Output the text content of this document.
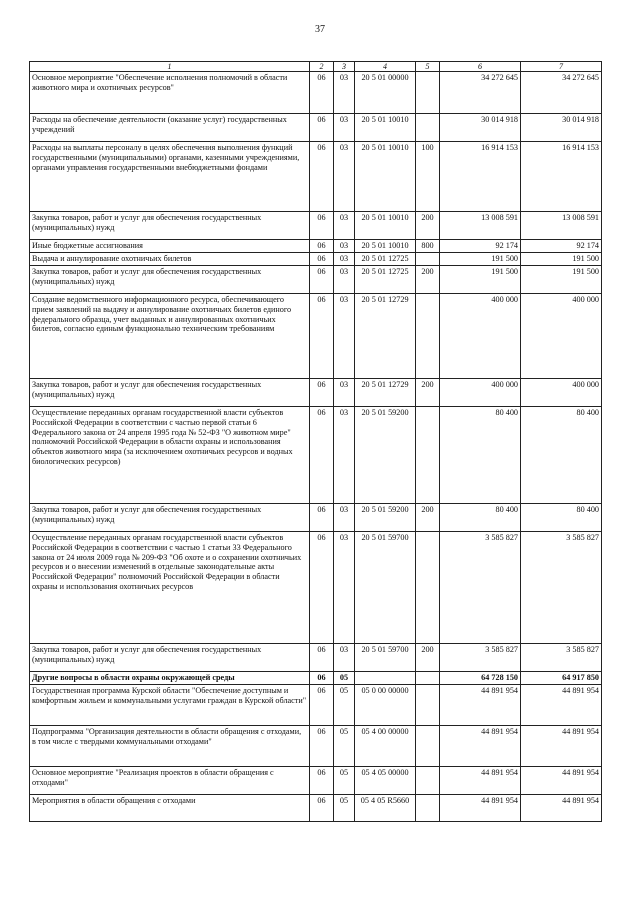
37
1	2	3	4	5	6	7
Основное мероприятие "Обеспечение исполнения полномочий в области животного мира и охотничьих ресурсов"	06	03	20 5 01 00000		34 272 645	34 272 645
Расходы на обеспечение деятельности (оказание услуг) государственных учреждений	06	03	20 5 01 10010		30 014 918	30 014 918
Расходы на выплаты персоналу в целях обеспечения выполнения функций государственными (муниципальными) органами, казенными учреждениями, органами управления государственными внебюджетными фондами	06	03	20 5 01 10010	100	16 914 153	16 914 153
Закупка товаров, работ и услуг для обеспечения государственных (муниципальных) нужд	06	03	20 5 01 10010	200	13 008 591	13 008 591
Иные бюджетные ассигнования	06	03	20 5 01 10010	800	92 174	92 174
Выдача и аннулирование охотничьих билетов	06	03	20 5 01 12725		191 500	191 500
Закупка товаров, работ и услуг для обеспечения государственных (муниципальных) нужд	06	03	20 5 01 12725	200	191 500	191 500
Создание ведомственного информационного ресурса, обеспечивающего прием заявлений на выдачу и аннулирование охотничьих билетов единого федерального образца, учет выданных и аннулированных охотничьих билетов, согласно единым функционально техническим требованиям	06	03	20 5 01 12729		400 000	400 000
Закупка товаров, работ и услуг для обеспечения государственных (муниципальных) нужд	06	03	20 5 01 12729	200	400 000	400 000
Осуществление переданных органам государственной власти субъектов Российской Федерации в соответствии с частью первой статьи 6 Федерального закона от 24 апреля 1995 года № 52-ФЗ "О животном мире" полномочий Российской Федерации в области охраны и использования объектов животного мира (за исключением охотничьих ресурсов и водных биологических ресурсов)	06	03	20 5 01 59200		80 400	80 400
Закупка товаров, работ и услуг для обеспечения государственных (муниципальных) нужд	06	03	20 5 01 59200	200	80 400	80 400
Осуществление переданных органам государственной власти субъектов Российской Федерации в соответствии с частью 1 статьи 33 Федерального закона от 24 июля 2009 года № 209-ФЗ "Об охоте и о сохранении охотничьих ресурсов и о внесении изменений в отдельные законодательные акты Российской Федерации" полномочий Российской Федерации в области охраны и использования охотничьих ресурсов	06	03	20 5 01 59700		3 585 827	3 585 827
Закупка товаров, работ и услуг для обеспечения государственных (муниципальных) нужд	06	03	20 5 01 59700	200	3 585 827	3 585 827
Другие вопросы в области охраны окружающей среды	06	05			64 728 150	64 917 850
Государственная программа Курской области "Обеспечение доступным и комфортным жильем и коммунальными услугами граждан в Курской области"	06	05	05 0 00 00000		44 891 954	44 891 954
Подпрограмма "Организация деятельности в области обращения с отходами, в том числе с твердыми коммунальными отходами"	06	05	05 4 00 00000		44 891 954	44 891 954
Основное мероприятие "Реализация проектов в области обращения с отходами"	06	05	05 4 05 00000		44 891 954	44 891 954
Мероприятия в области обращения с отходами	06	05	05 4 05 R5660		44 891 954	44 891 954
